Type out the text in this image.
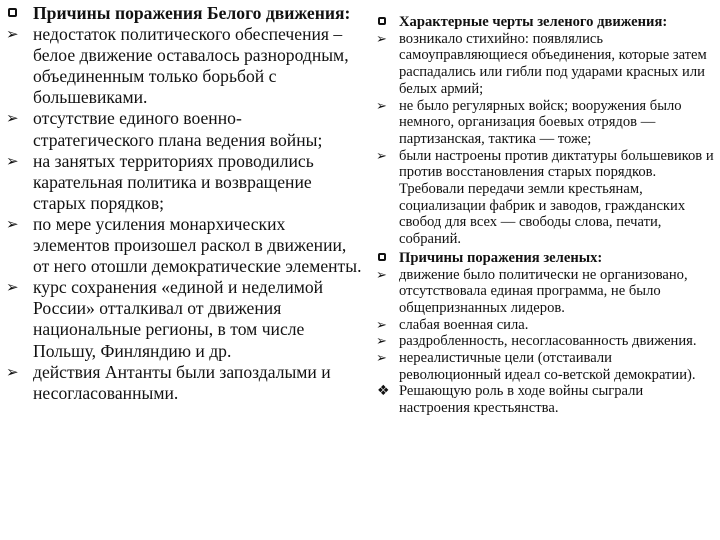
Причины поражения Белого движения:
➢ недостаток политического обеспечения – белое движение оставалось разнородным, объединенным только борьбой с большевиками.
➢ отсутствие единого военно-стратегического плана ведения войны;
➢ на занятых территориях проводились карательная политика и возвращение старых порядков;
➢ по мере усиления монархических элементов произошел раскол в движении, от него отошли демократические элементы.
➢ курс сохранения «единой и неделимой России» отталкивал от движения национальные регионы, в том числе Польшу, Финляндию и др.
➢ действия Антанты были запоздалыми и несогласованными.
Характерные черты зеленого движения:
➢ возникало стихийно: появлялись самоуправляющиеся объединения, которые затем распадались или гибли под ударами красных или белых армий;
➢ не было регулярных войск; вооружения было немного, организация боевых отрядов — партизанская, тактика — тоже;
➢ были настроены против диктатуры большевиков и против восстановления старых порядков. Требовали передачи земли крестьянам, социализации фабрик и заводов, гражданских свобод для всех — свободы слова, печати, собраний.
Причины поражения зеленых:
➢ движение было политически не организовано, отсутствовала единая программа, не было общепризнанных лидеров.
➢ слабая военная сила.
➢ раздробленность, несогласованность движения.
➢ нереалистичные цели (отстаивали революционный идеал со-ветской демократии).
❖ Решающую роль в ходе войны сыграли настроения крестьянства.
